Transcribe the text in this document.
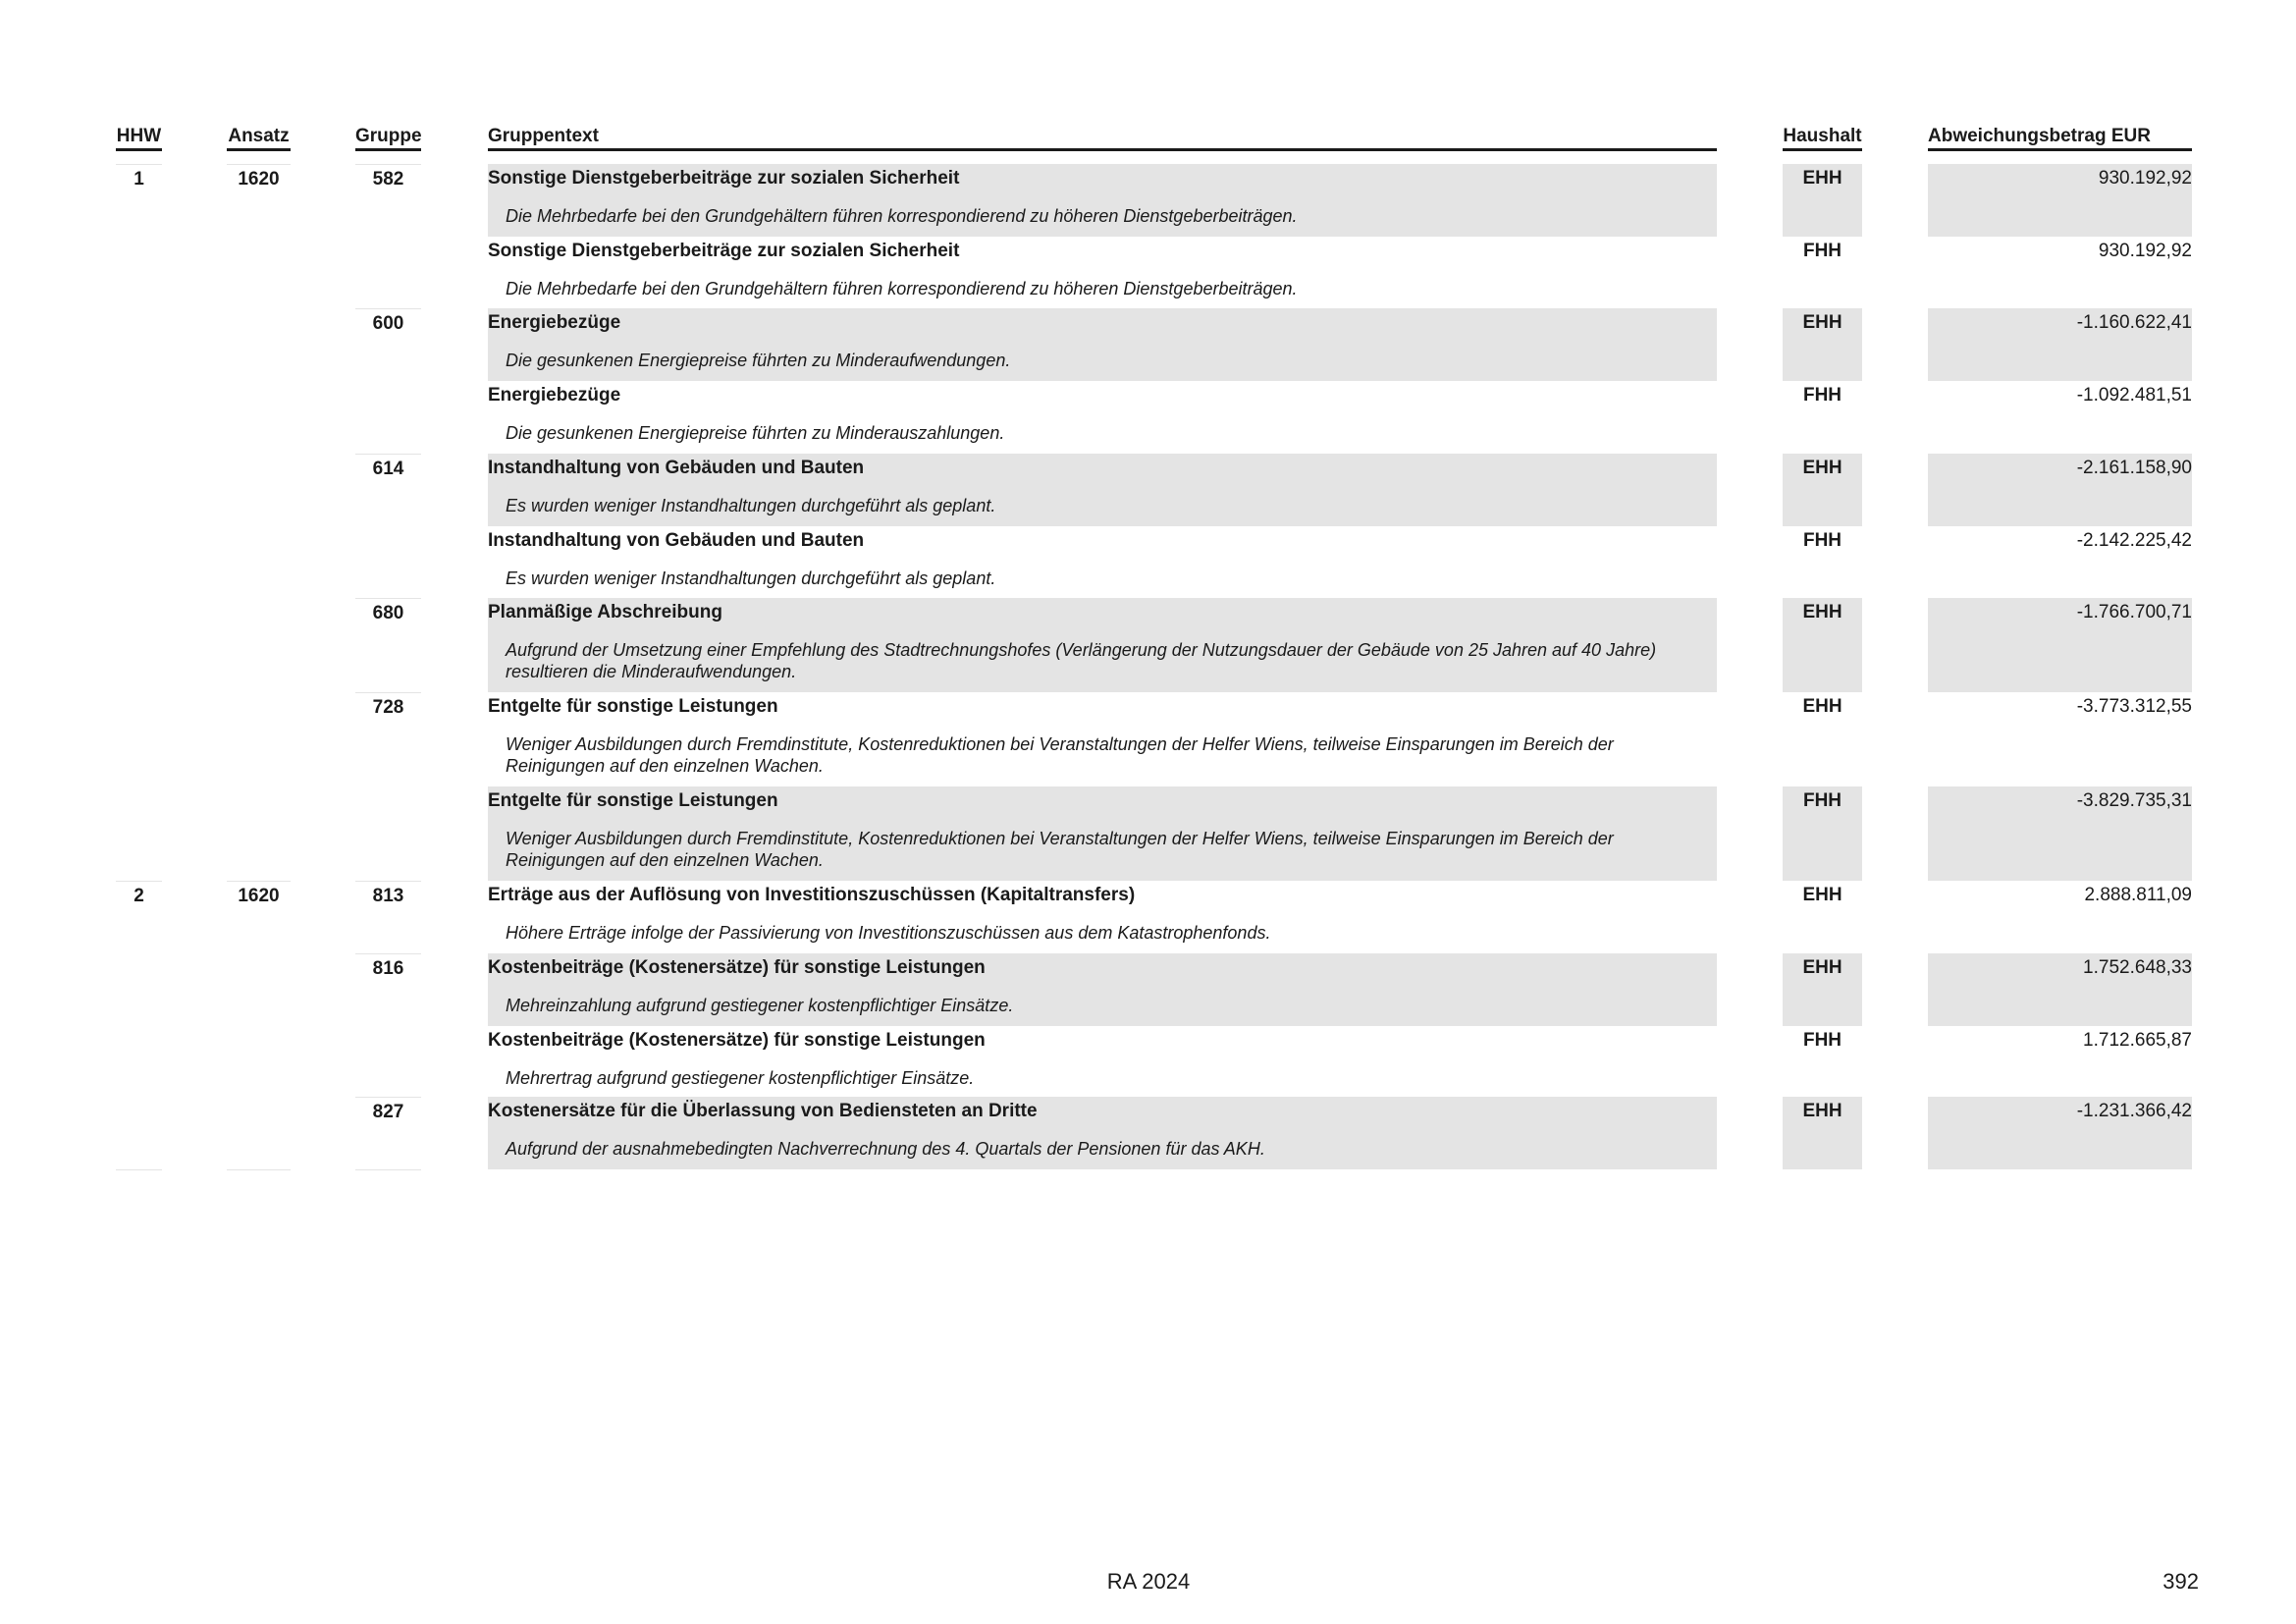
HHW	Ansatz	Gruppe	Gruppentext	Haushalt	Abweichungsbetrag EUR
1	1620	582	Sonstige Dienstgeberbeiträge zur sozialen Sicherheit
Die Mehrbedarfe bei den Grundgehältern führen korrespondierend zu höheren Dienstgeberbeiträgen.
EHH	930.192,92
Sonstige Dienstgeberbeiträge zur sozialen Sicherheit
Die Mehrbedarfe bei den Grundgehältern führen korrespondierend zu höheren Dienstgeberbeiträgen.
FHH	930.192,92
600	Energiebezüge
Die gesunkenen Energiepreise führten zu Minderaufwendungen.
EHH	-1.160.622,41
Energiebezüge
Die gesunkenen Energiepreise führten zu Minderauszahlungen.
FHH	-1.092.481,51
614	Instandhaltung von Gebäuden und Bauten
Es wurden weniger Instandhaltungen durchgeführt als geplant.
EHH	-2.161.158,90
Instandhaltung von Gebäuden und Bauten
Es wurden weniger Instandhaltungen durchgeführt als geplant.
FHH	-2.142.225,42
680	Planmäßige Abschreibung
Aufgrund der Umsetzung einer Empfehlung des Stadtrechnungshofes (Verlängerung der Nutzungsdauer der Gebäude von 25 Jahren auf 40 Jahre) resultieren die Minderaufwendungen.
EHH	-1.766.700,71
728	Entgelte für sonstige Leistungen
Weniger Ausbildungen durch Fremdinstitute, Kostenreduktionen bei Veranstaltungen der Helfer Wiens, teilweise Einsparungen im Bereich der Reinigungen auf den einzelnen Wachen.
EHH	-3.773.312,55
Entgelte für sonstige Leistungen
Weniger Ausbildungen durch Fremdinstitute, Kostenreduktionen bei Veranstaltungen der Helfer Wiens, teilweise Einsparungen im Bereich der Reinigungen auf den einzelnen Wachen.
FHH	-3.829.735,31
2	1620	813	Erträge aus der Auflösung von Investitionszuschüssen (Kapitaltransfers)
Höhere Erträge infolge der Passivierung von Investitionszuschüssen aus dem Katastrophenfonds.
EHH	2.888.811,09
816	Kostenbeiträge (Kostenersätze) für sonstige Leistungen
Mehreinzahlung aufgrund gestiegener kostenpflichtiger Einsätze.
EHH	1.752.648,33
Kostenbeiträge (Kostenersätze) für sonstige Leistungen
Mehrertrag aufgrund gestiegener kostenpflichtiger Einsätze.
FHH	1.712.665,87
827	Kostenersätze für die Überlassung von Bediensteten an Dritte
Aufgrund der ausnahmebedingten Nachverrechnung des 4. Quartals der Pensionen für das AKH.
EHH	-1.231.366,42
RA 2024	392
